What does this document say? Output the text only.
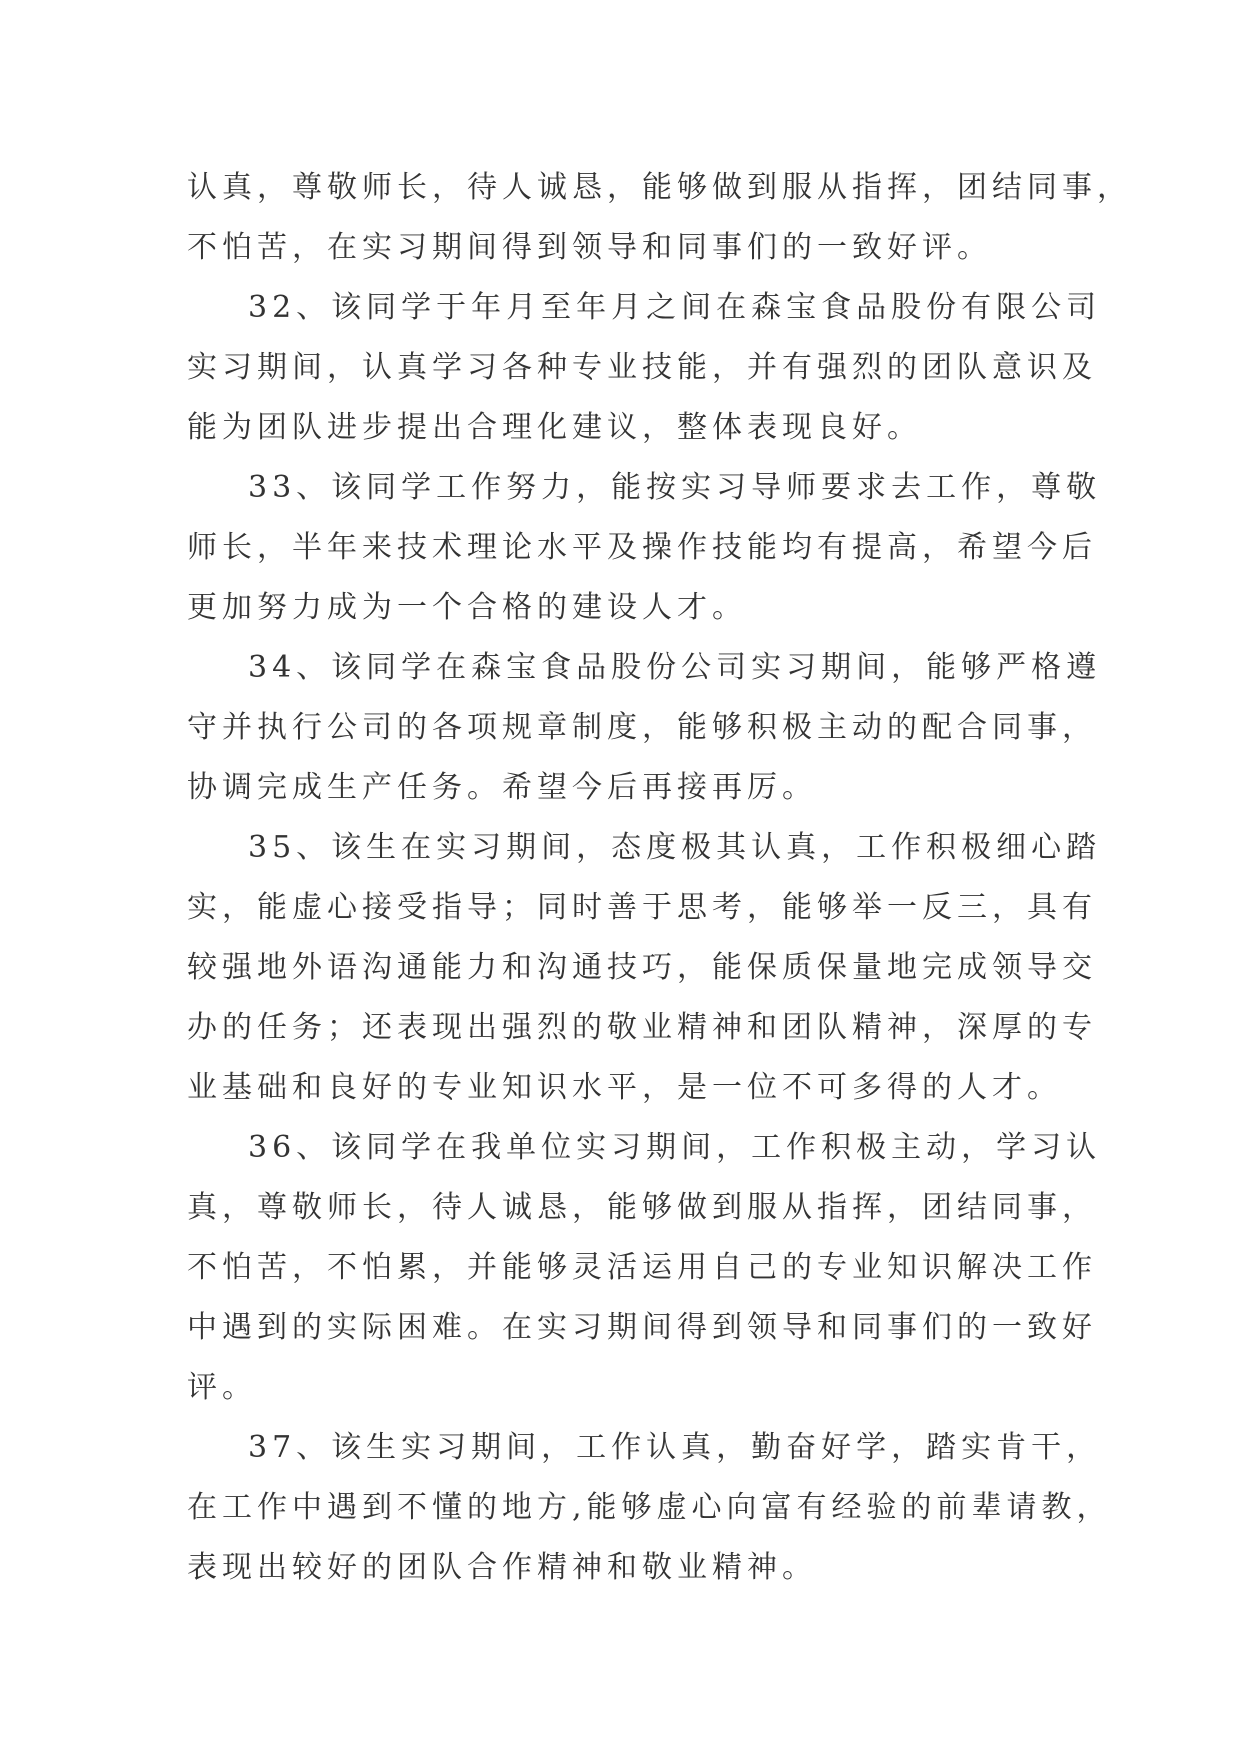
认真，尊敬师长，待人诚恳，能够做到服从指挥，团结同事，
不怕苦，在实习期间得到领导和同事们的一致好评。
32、该同学于年月至年月之间在森宝食品股份有限公司
实习期间，认真学习各种专业技能，并有强烈的团队意识及
能为团队进步提出合理化建议，整体表现良好。
33、该同学工作努力，能按实习导师要求去工作，尊敬
师长，半年来技术理论水平及操作技能均有提高，希望今后
更加努力成为一个合格的建设人才。
34、该同学在森宝食品股份公司实习期间，能够严格遵
守并执行公司的各项规章制度，能够积极主动的配合同事，
协调完成生产任务。希望今后再接再厉。
35、该生在实习期间，态度极其认真，工作积极细心踏
实，能虚心接受指导；同时善于思考，能够举一反三，具有
较强地外语沟通能力和沟通技巧，能保质保量地完成领导交
办的任务；还表现出强烈的敬业精神和团队精神，深厚的专
业基础和良好的专业知识水平，是一位不可多得的人才。
36、该同学在我单位实习期间，工作积极主动，学习认
真，尊敬师长，待人诚恳，能够做到服从指挥，团结同事，
不怕苦，不怕累，并能够灵活运用自己的专业知识解决工作
中遇到的实际困难。在实习期间得到领导和同事们的一致好
评。
37、该生实习期间，工作认真，勤奋好学，踏实肯干，
在工作中遇到不懂的地方,能够虚心向富有经验的前辈请教，
表现出较好的团队合作精神和敬业精神。
